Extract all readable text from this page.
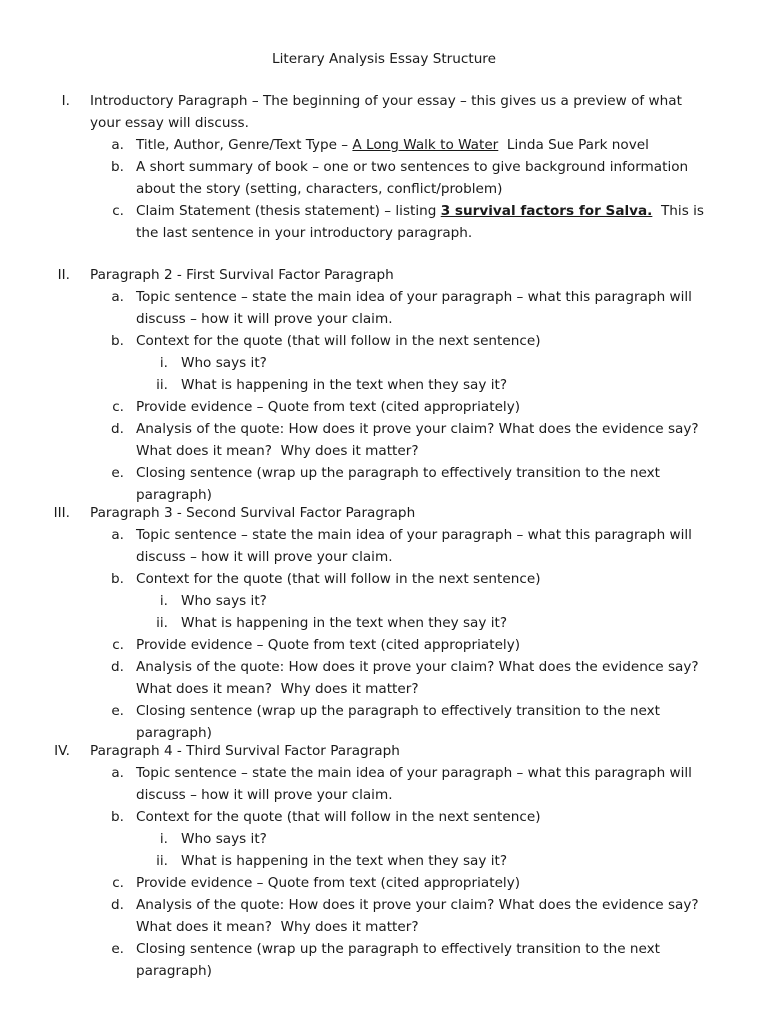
Literary Analysis Essay Structure
I. Introductory Paragraph – The beginning of your essay – this gives us a preview of what
your essay will discuss.
a. Title, Author, Genre/Text Type – A Long Walk to Water  Linda Sue Park novel
b. A short summary of book – one or two sentences to give background information
about the story (setting, characters, conflict/problem)
c. Claim Statement (thesis statement) – listing 3 survival factors for Salva.  This is
the last sentence in your introductory paragraph.
II. Paragraph 2 - First Survival Factor Paragraph
a. Topic sentence – state the main idea of your paragraph – what this paragraph will
discuss – how it will prove your claim.
b. Context for the quote (that will follow in the next sentence)
i. Who says it?
ii. What is happening in the text when they say it?
c. Provide evidence – Quote from text (cited appropriately)
d. Analysis of the quote: How does it prove your claim? What does the evidence say?
What does it mean?  Why does it matter?
e. Closing sentence (wrap up the paragraph to effectively transition to the next
paragraph)
III. Paragraph 3 - Second Survival Factor Paragraph
a. Topic sentence – state the main idea of your paragraph – what this paragraph will
discuss – how it will prove your claim.
b. Context for the quote (that will follow in the next sentence)
i. Who says it?
ii. What is happening in the text when they say it?
c. Provide evidence – Quote from text (cited appropriately)
d. Analysis of the quote: How does it prove your claim? What does the evidence say?
What does it mean?  Why does it matter?
e. Closing sentence (wrap up the paragraph to effectively transition to the next
paragraph)
IV. Paragraph 4 - Third Survival Factor Paragraph
a. Topic sentence – state the main idea of your paragraph – what this paragraph will
discuss – how it will prove your claim.
b. Context for the quote (that will follow in the next sentence)
i. Who says it?
ii. What is happening in the text when they say it?
c. Provide evidence – Quote from text (cited appropriately)
d. Analysis of the quote: How does it prove your claim? What does the evidence say?
What does it mean?  Why does it matter?
e. Closing sentence (wrap up the paragraph to effectively transition to the next
paragraph)
